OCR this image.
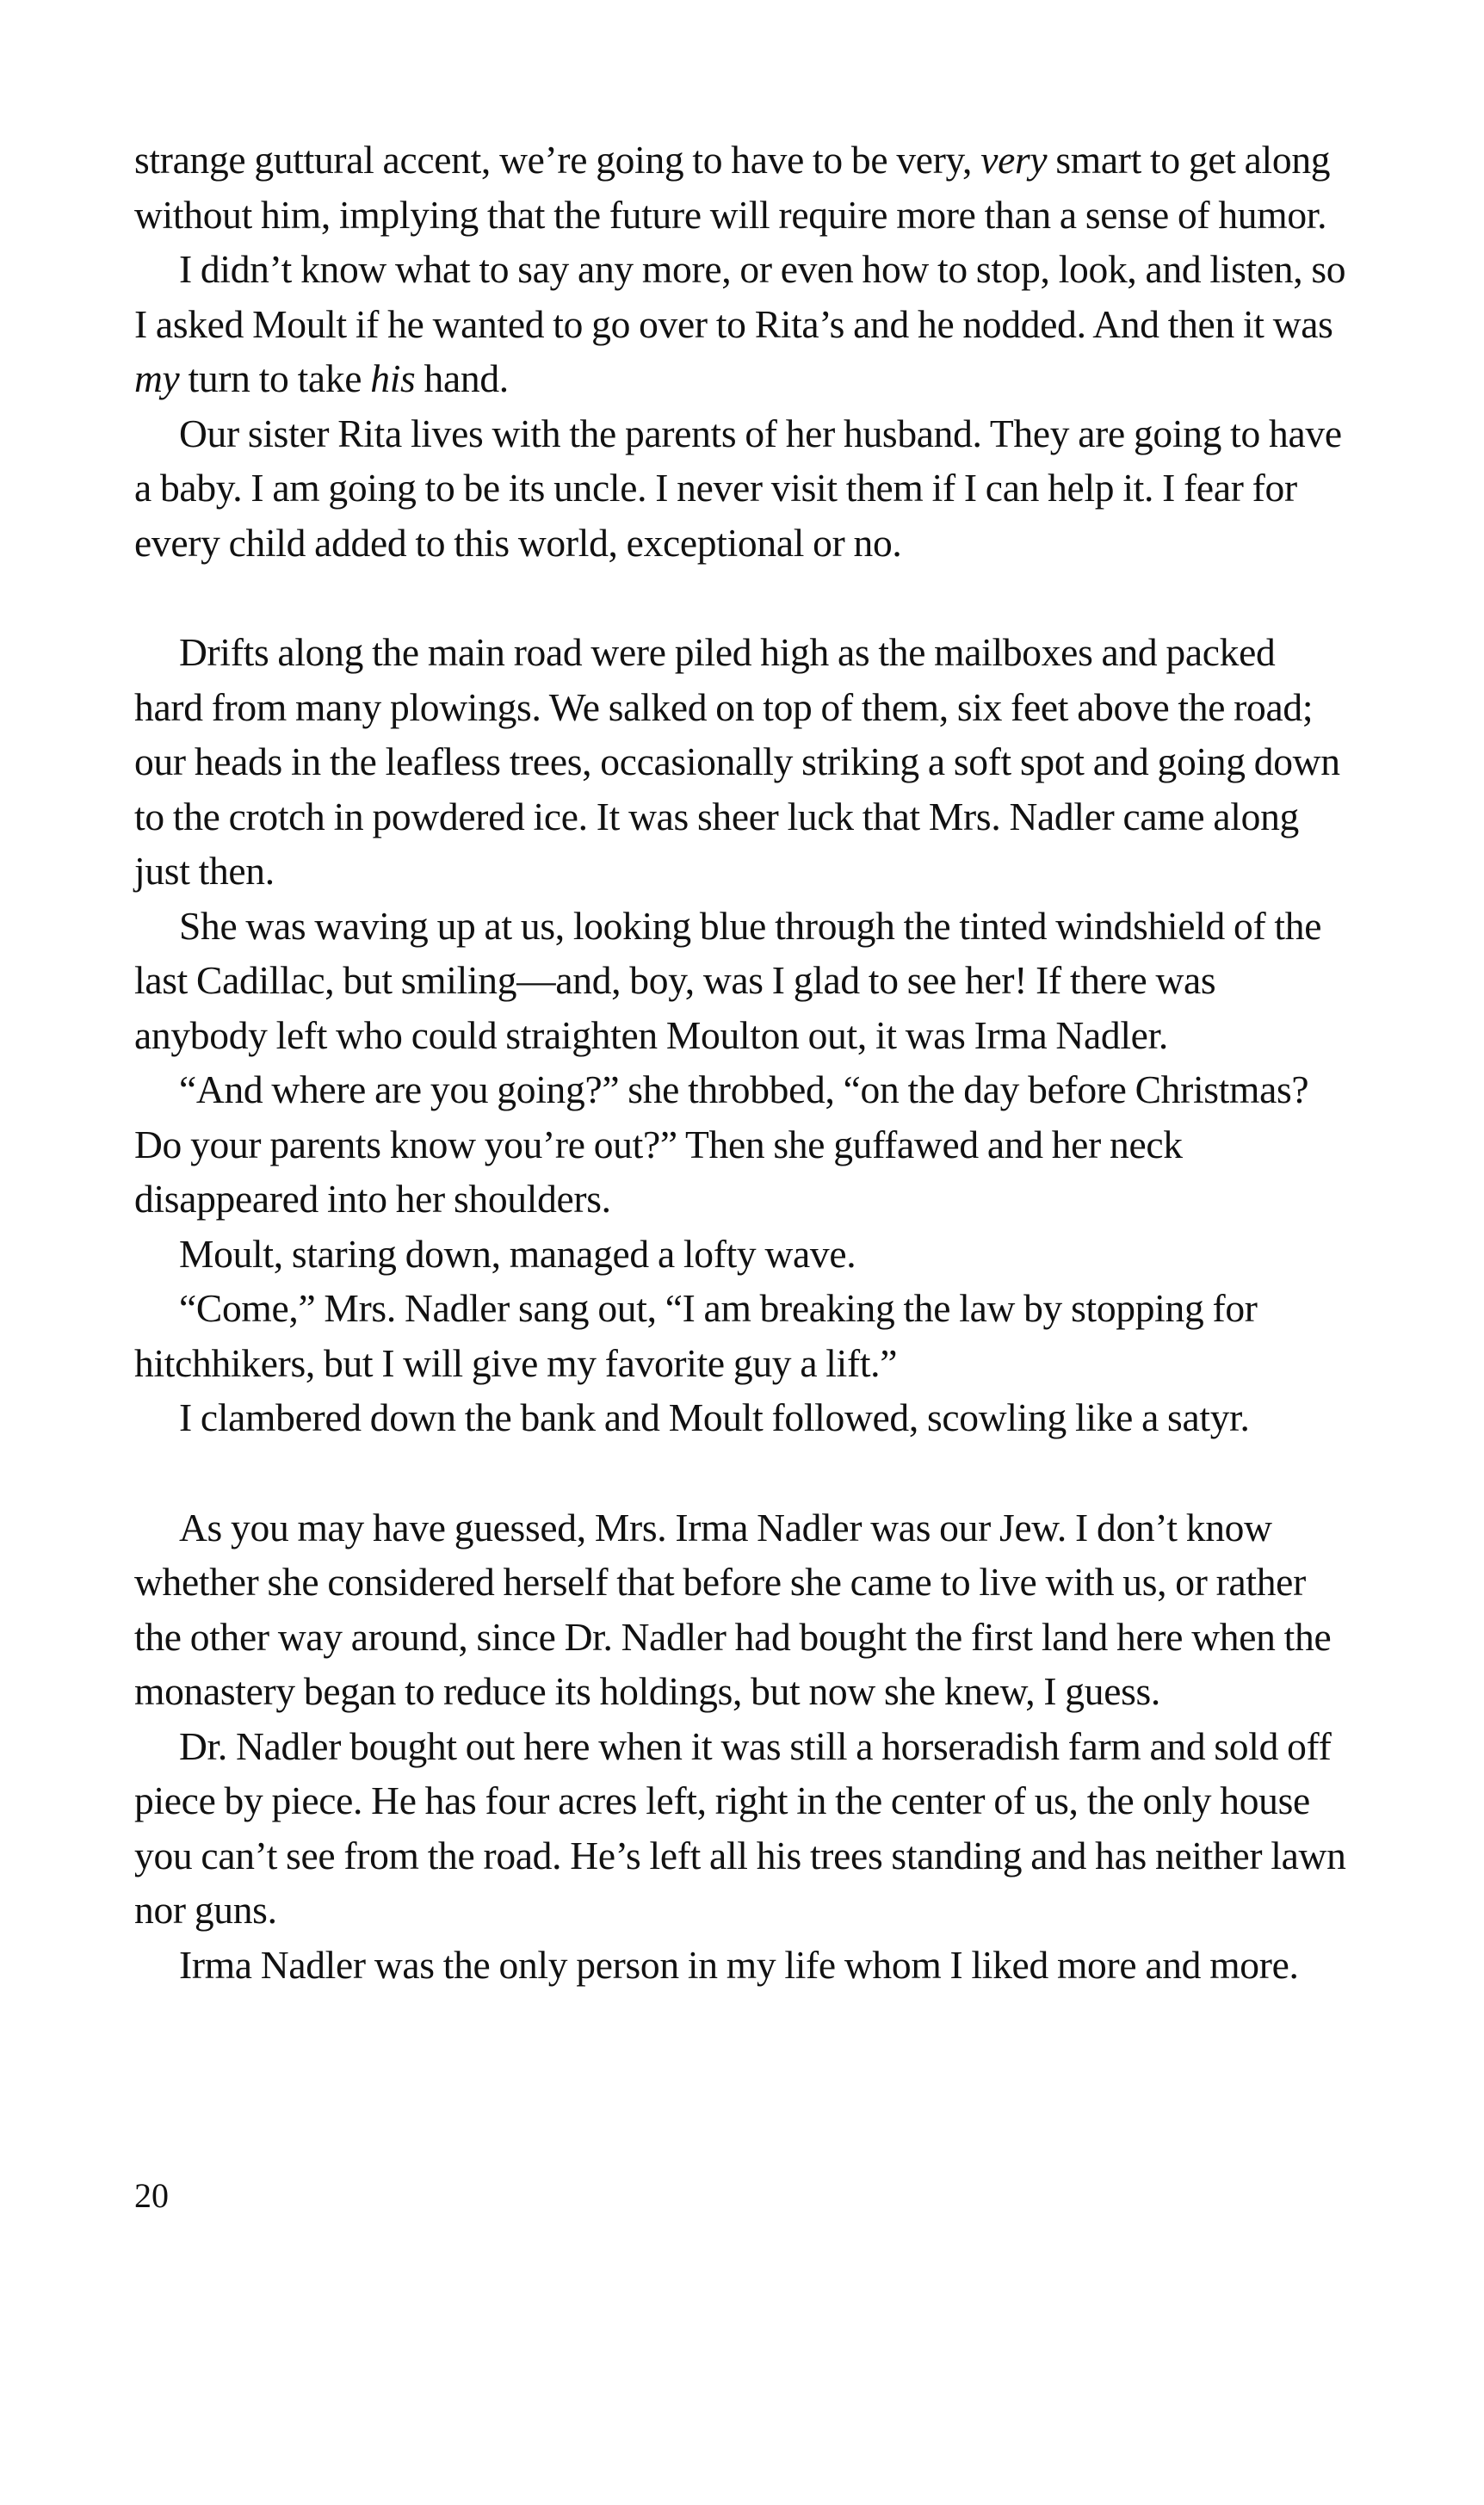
strange guttural accent, we’re going to have to be very, very smart to get along without him, implying that the future will require more than a sense of humor.

I didn’t know what to say any more, or even how to stop, look, and listen, so I asked Moult if he wanted to go over to Rita’s and he nodded. And then it was my turn to take his hand.

Our sister Rita lives with the parents of her husband. They are going to have a baby. I am going to be its uncle. I never visit them if I can help it. I fear for every child added to this world, exceptional or no.

Drifts along the main road were piled high as the mailboxes and packed hard from many plowings. We salked on top of them, six feet above the road; our heads in the leafless trees, occasionally striking a soft spot and going down to the crotch in powdered ice. It was sheer luck that Mrs. Nadler came along just then.

She was waving up at us, looking blue through the tinted windshield of the last Cadillac, but smiling—and, boy, was I glad to see her! If there was anybody left who could straighten Moulton out, it was Irma Nadler.

“And where are you going?” she throbbed, “on the day before Christmas? Do your parents know you’re out?” Then she guffawed and her neck disappeared into her shoulders.

Moult, staring down, managed a lofty wave.

“Come,” Mrs. Nadler sang out, “I am breaking the law by stopping for hitchhikers, but I will give my favorite guy a lift.”

I clambered down the bank and Moult followed, scowling like a satyr.

As you may have guessed, Mrs. Irma Nadler was our Jew. I don’t know whether she considered herself that before she came to live with us, or rather the other way around, since Dr. Nadler had bought the first land here when the monastery began to reduce its holdings, but now she knew, I guess.

Dr. Nadler bought out here when it was still a horseradish farm and sold off piece by piece. He has four acres left, right in the center of us, the only house you can’t see from the road. He’s left all his trees standing and has neither lawn nor guns.

Irma Nadler was the only person in my life whom I liked more and more.

20
